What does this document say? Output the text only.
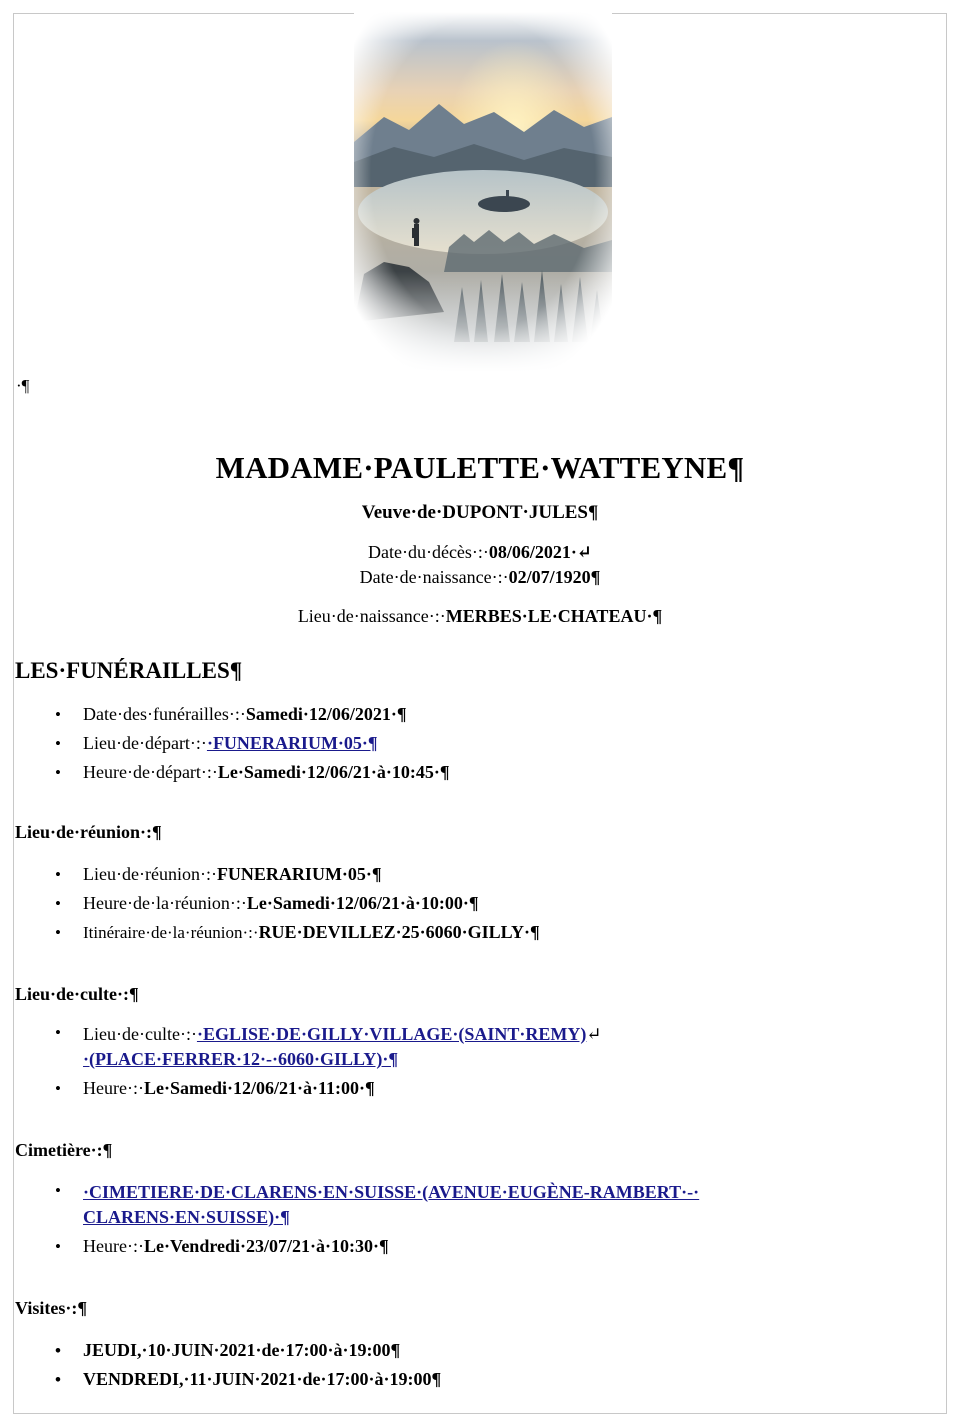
·¶
MADAME·PAULETTE·WATTEYNE¶
Veuve·de·DUPONT·JULES¶
Date·du·décès·:·08/06/2021·↵
Date·de·naissance·:·02/07/1920¶
Lieu·de·naissance·:·MERBES·LE·CHATEAU·¶
LES·FUNÉRAILLES¶
• Date·des·funérailles·:·Samedi·12/06/2021·¶
• Lieu·de·départ·:··FUNERARIUM·05·¶
• Heure·de·départ·:·Le·Samedi·12/06/21·à·10:45·¶
Lieu·de·réunion·:¶
• Lieu·de·réunion·:·FUNERARIUM·05·¶
• Heure·de·la·réunion·:·Le·Samedi·12/06/21·à·10:00·¶
• Itinéraire·de·la·réunion·:·RUE·DEVILLEZ·25·6060·GILLY·¶
Lieu·de·culte·:¶
• Lieu·de·culte·:··EGLISE·DE·GILLY·VILLAGE·(SAINT·REMY)↵
·(PLACE·FERRER·12·-·6060·GILLY)·¶
• Heure·:·Le·Samedi·12/06/21·à·11:00·¶
Cimetière·:¶
• ·CIMETIERE·DE·CLARENS·EN·SUISSE·(AVENUE·EUGÈNE-RAMBERT·-·
CLARENS·EN·SUISSE)·¶
• Heure·:·Le·Vendredi·23/07/21·à·10:30·¶
Visites·:¶
• JEUDI,·10·JUIN·2021·de·17:00·à·19:00¶
• VENDREDI,·11·JUIN·2021·de·17:00·à·19:00¶
